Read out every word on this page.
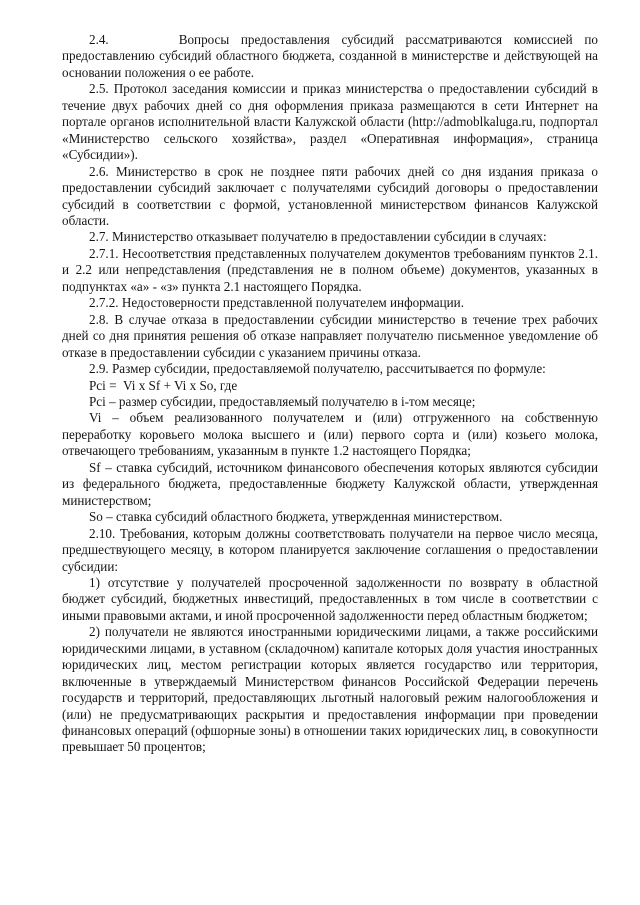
2.4.      Вопросы предоставления субсидий рассматриваются комиссией по предоставлению субсидий областного бюджета, созданной в министерстве и действующей на основании положения о ее работе.

2.5. Протокол заседания комиссии и приказ министерства о предоставлении субсидий в течение двух рабочих дней со дня оформления приказа размещаются в сети Интернет на портале органов исполнительной власти Калужской области (http://admoblkaluga.ru, подпортал «Министерство сельского хозяйства», раздел «Оперативная информация», страница «Субсидии»).

2.6. Министерство в срок не позднее пяти рабочих дней со дня издания приказа о предоставлении субсидий заключает с получателями субсидий договоры о предоставлении субсидий в соответствии с формой, установленной министерством финансов Калужской области.

2.7. Министерство отказывает получателю в предоставлении субсидии в случаях:

2.7.1. Несоответствия представленных получателем документов требованиям пунктов 2.1. и 2.2 или непредставления (представления не в полном объеме) документов, указанных в подпунктах «а» - «з» пункта 2.1 настоящего Порядка.

2.7.2. Недостоверности представленной получателем информации.

2.8. В случае отказа в предоставлении субсидии министерство в течение трех рабочих дней со дня принятия решения об отказе направляет получателю письменное уведомление об отказе в предоставлении субсидии с указанием причины отказа.

2.9. Размер субсидии, предоставляемой получателю, рассчитывается по формуле:

Pci =  Vi x Sf + Vi x So, где

Pci – размер субсидии, предоставляемый получателю в i-том месяце;

Vi – объем реализованного получателем и (или) отгруженного на собственную переработку коровьего молока высшего и (или) первого сорта и (или) козьего молока, отвечающего требованиям, указанным в пункте 1.2 настоящего Порядка;

Sf – ставка субсидий, источником финансового обеспечения которых являются субсидии из федерального бюджета, предоставленные бюджету Калужской области, утвержденная министерством;

So – ставка субсидий областного бюджета, утвержденная министерством.

2.10. Требования, которым должны соответствовать получатели на первое число месяца, предшествующего месяцу, в котором планируется заключение соглашения о предоставлении субсидии:

1) отсутствие у получателей просроченной задолженности по возврату в областной бюджет субсидий, бюджетных инвестиций, предоставленных в том числе в соответствии с иными правовыми актами, и иной просроченной задолженности перед областным бюджетом;

2) получатели не являются иностранными юридическими лицами, а также российскими юридическими лицами, в уставном (складочном) капитале которых доля участия иностранных юридических лиц, местом регистрации которых является государство или территория, включенные в утверждаемый Министерством финансов Российской Федерации перечень государств и территорий, предоставляющих льготный налоговый режим налогообложения и (или) не предусматривающих раскрытия и предоставления информации при проведении финансовых операций (офшорные зоны) в отношении таких юридических лиц, в совокупности превышает 50 процентов;
